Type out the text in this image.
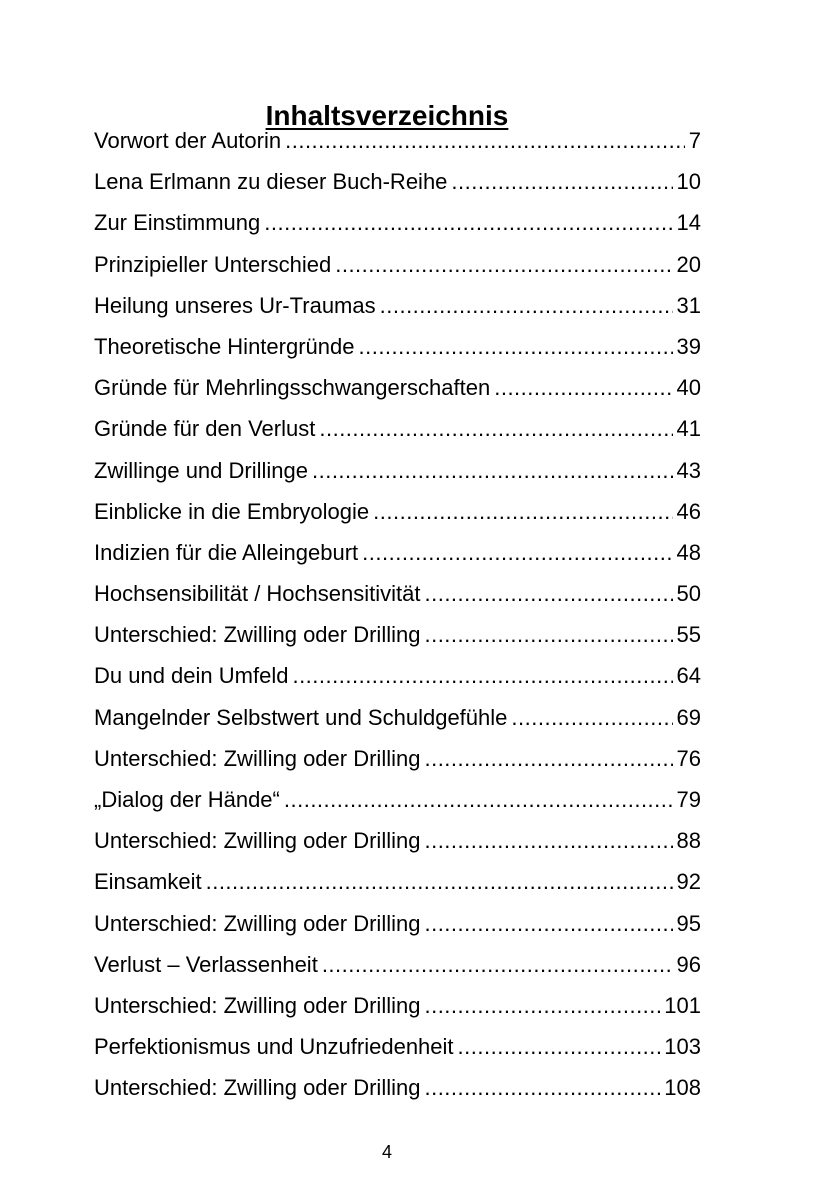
Inhaltsverzeichnis
Vorwort der Autorin .....	7
Lena Erlmann zu dieser Buch-Reihe .....	10
Zur Einstimmung .....	14
Prinzipieller Unterschied .....	20
Heilung unseres Ur-Traumas .....	31
Theoretische Hintergründe .....	39
Gründe für Mehrlingsschwangerschaften .....	40
Gründe für den Verlust .....	41
Zwillinge und Drillinge .....	43
Einblicke in die Embryologie .....	46
Indizien für die Alleingeburt .....	48
Hochsensibilität / Hochsensitivität .....	50
Unterschied: Zwilling oder Drilling .....	55
Du und dein Umfeld .....	64
Mangelnder Selbstwert und Schuldgefühle .....	69
Unterschied: Zwilling oder Drilling .....	76
„Dialog der Hände“ .....	79
Unterschied: Zwilling oder Drilling .....	88
Einsamkeit .....	92
Unterschied: Zwilling oder Drilling .....	95
Verlust – Verlassenheit .....	96
Unterschied: Zwilling oder Drilling .....	101
Perfektionismus und Unzufriedenheit .....	103
Unterschied: Zwilling oder Drilling .....	108
4
